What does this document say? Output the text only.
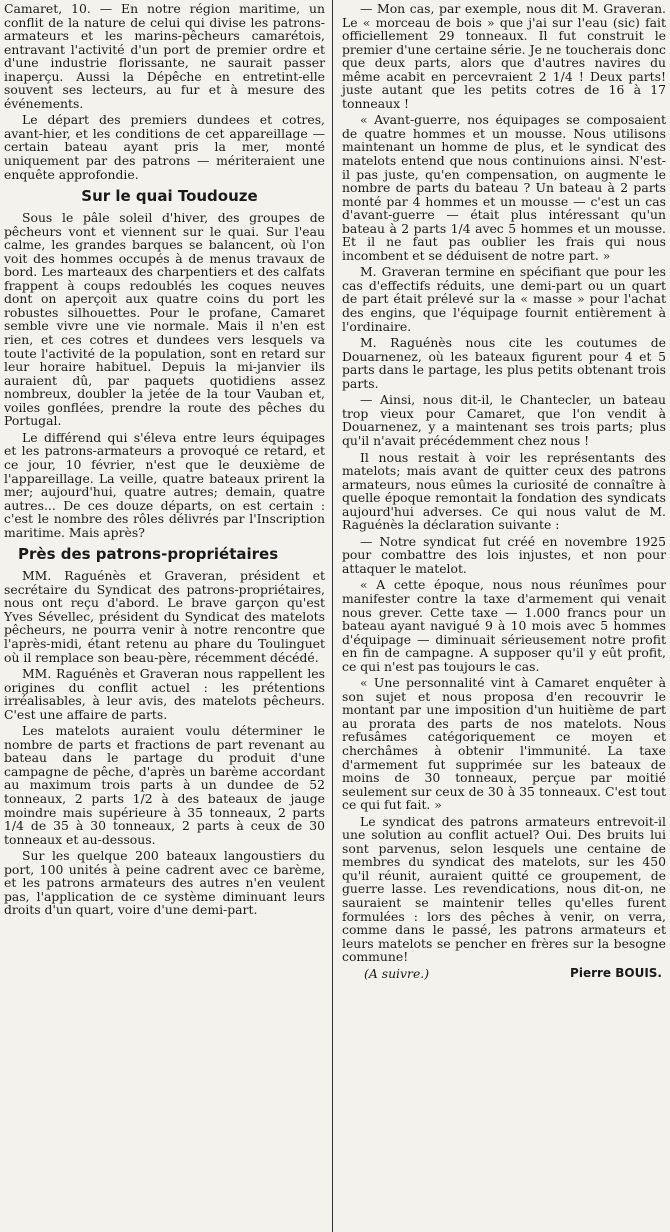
Camaret, 10. — En notre région maritime, un conflit de la nature de celui qui divise les patrons-armateurs et les marins-pêcheurs camarétois, entravant l'activité d'un port de premier ordre et d'une industrie florissante, ne saurait passer inaperçu. Aussi la Dépêche en entretint-elle souvent ses lecteurs, au fur et à mesure des événements.

Le départ des premiers dundees et cotres, avant-hier, et les conditions de cet appareillage — certain bateau ayant pris la mer, monté uniquement par des patrons — mériteraient une enquête approfondie.

Sur le quai Toudouze

Sous le pâle soleil d'hiver, des groupes de pêcheurs vont et viennent sur le quai. Sur l'eau calme, les grandes barques se balancent, où l'on voit des hommes occupés à de menus travaux de bord. Les marteaux des charpentiers et des calfats frappent à coups redoublés les coques neuves dont on aperçoit aux quatre coins du port les robustes silhouettes. Pour le profane, Camaret semble vivre une vie normale. Mais il n'en est rien, et ces cotres et dundees vers lesquels va toute l'activité de la population, sont en retard sur leur horaire habituel. Depuis la mi-janvier ils auraient dû, par paquets quotidiens assez nombreux, doubler la jetée de la tour Vauban et, voiles gonflées, prendre la route des pêches du Portugal.

Le différend qui s'éleva entre leurs équipages et les patrons-armateurs a provoqué ce retard, et ce jour, 10 février, n'est que le deuxième de l'appareillage. La veille, quatre bateaux prirent la mer; aujourd'hui, quatre autres; demain, quatre autres... De ces douze départs, on est certain : c'est le nombre des rôles délivrés par l'Inscription maritime. Mais après?

Près des patrons-propriétaires

MM. Raguénès et Graveran, président et secrétaire du Syndicat des patrons-propriétaires, nous ont reçu d'abord. Le brave garçon qu'est Yves Sévellec, président du Syndicat des matelots pêcheurs, ne pourra venir à notre rencontre que l'après-midi, étant retenu au phare du Toulinguet où il remplace son beau-père, récemment décédé.

MM. Raguénès et Graveran nous rappellent les origines du conflit actuel : les prétentions irréalisables, à leur avis, des matelots pêcheurs. C'est une affaire de parts.

Les matelots auraient voulu déterminer le nombre de parts et fractions de part revenant au bateau dans le partage du produit d'une campagne de pêche, d'après un barème accordant au maximum trois parts à un dundee de 52 tonneaux, 2 parts 1/2 à des bateaux de jauge moindre mais supérieure à 35 tonneaux, 2 parts 1/4 de 35 à 30 tonneaux, 2 parts à ceux de 30 tonneaux et au-dessous.

Sur les quelque 200 bateaux langoustiers du port, 100 unités à peine cadrent avec ce barème, et les patrons armateurs des autres n'en veulent pas, l'application de ce système diminuant leurs droits d'un quart, voire d'une demi-part.

— Mon cas, par exemple, nous dit M. Graveran. Le « morceau de bois » que j'ai sur l'eau (sic) fait officiellement 29 tonneaux. Il fut construit le premier d'une certaine série. Je ne toucherais donc que deux parts, alors que d'autres navires du même acabit en percevraient 2 1/4 ! Deux parts! juste autant que les petits cotres de 16 à 17 tonneaux !

« Avant-guerre, nos équipages se composaient de quatre hommes et un mousse. Nous utilisons maintenant un homme de plus, et le syndicat des matelots entend que nous continuions ainsi. N'est-il pas juste, qu'en compensation, on augmente le nombre de parts du bateau ? Un bateau à 2 parts monté par 4 hommes et un mousse — c'est un cas d'avant-guerre — était plus intéressant qu'un bateau à 2 parts 1/4 avec 5 hommes et un mousse. Et il ne faut pas oublier les frais qui nous incombent et se déduisent de notre part. »

M. Graveran termine en spécifiant que pour les cas d'effectifs réduits, une demi-part ou un quart de part était prélevé sur la « masse » pour l'achat des engins, que l'équipage fournit entièrement à l'ordinaire.

M. Raguénès nous cite les coutumes de Douarnenez, où les bateaux figurent pour 4 et 5 parts dans le partage, les plus petits obtenant trois parts.

— Ainsi, nous dit-il, le Chantecler, un bateau trop vieux pour Camaret, que l'on vendit à Douarnenez, y a maintenant ses trois parts; plus qu'il n'avait précédemment chez nous !

Il nous restait à voir les représentants des matelots; mais avant de quitter ceux des patrons armateurs, nous eûmes la curiosité de connaître à quelle époque remontait la fondation des syndicats aujourd'hui adverses. Ce qui nous valut de M. Raguénès la déclaration suivante :

— Notre syndicat fut créé en novembre 1925 pour combattre des lois injustes, et non pour attaquer le matelot.

« A cette époque, nous nous réunîmes pour manifester contre la taxe d'armement qui venait nous grever. Cette taxe — 1.000 francs pour un bateau ayant navigué 9 à 10 mois avec 5 hommes d'équipage — diminuait sérieusement notre profit en fin de campagne. A supposer qu'il y eût profit, ce qui n'est pas toujours le cas.

« Une personnalité vint à Camaret enquêter à son sujet et nous proposa d'en recouvrir le montant par une imposition d'un huitième de part au prorata des parts de nos matelots. Nous refusâmes catégoriquement ce moyen et cherchâmes à obtenir l'immunité. La taxe d'armement fut supprimée sur les bateaux de moins de 30 tonneaux, perçue par moitié seulement sur ceux de 30 à 35 tonneaux. C'est tout ce qui fut fait. »

Le syndicat des patrons armateurs entrevoit-il une solution au conflit actuel? Oui. Des bruits lui sont parvenus, selon lesquels une centaine de membres du syndicat des matelots, sur les 450 qu'il réunit, auraient quitté ce groupement, de guerre lasse. Les revendications, nous dit-on, ne sauraient se maintenir telles qu'elles furent formulées : lors des pêches à venir, on verra, comme dans le passé, les patrons armateurs et leurs matelots se pencher en frères sur la besogne commune!

(A suivre.)	Pierre BOUIS.
